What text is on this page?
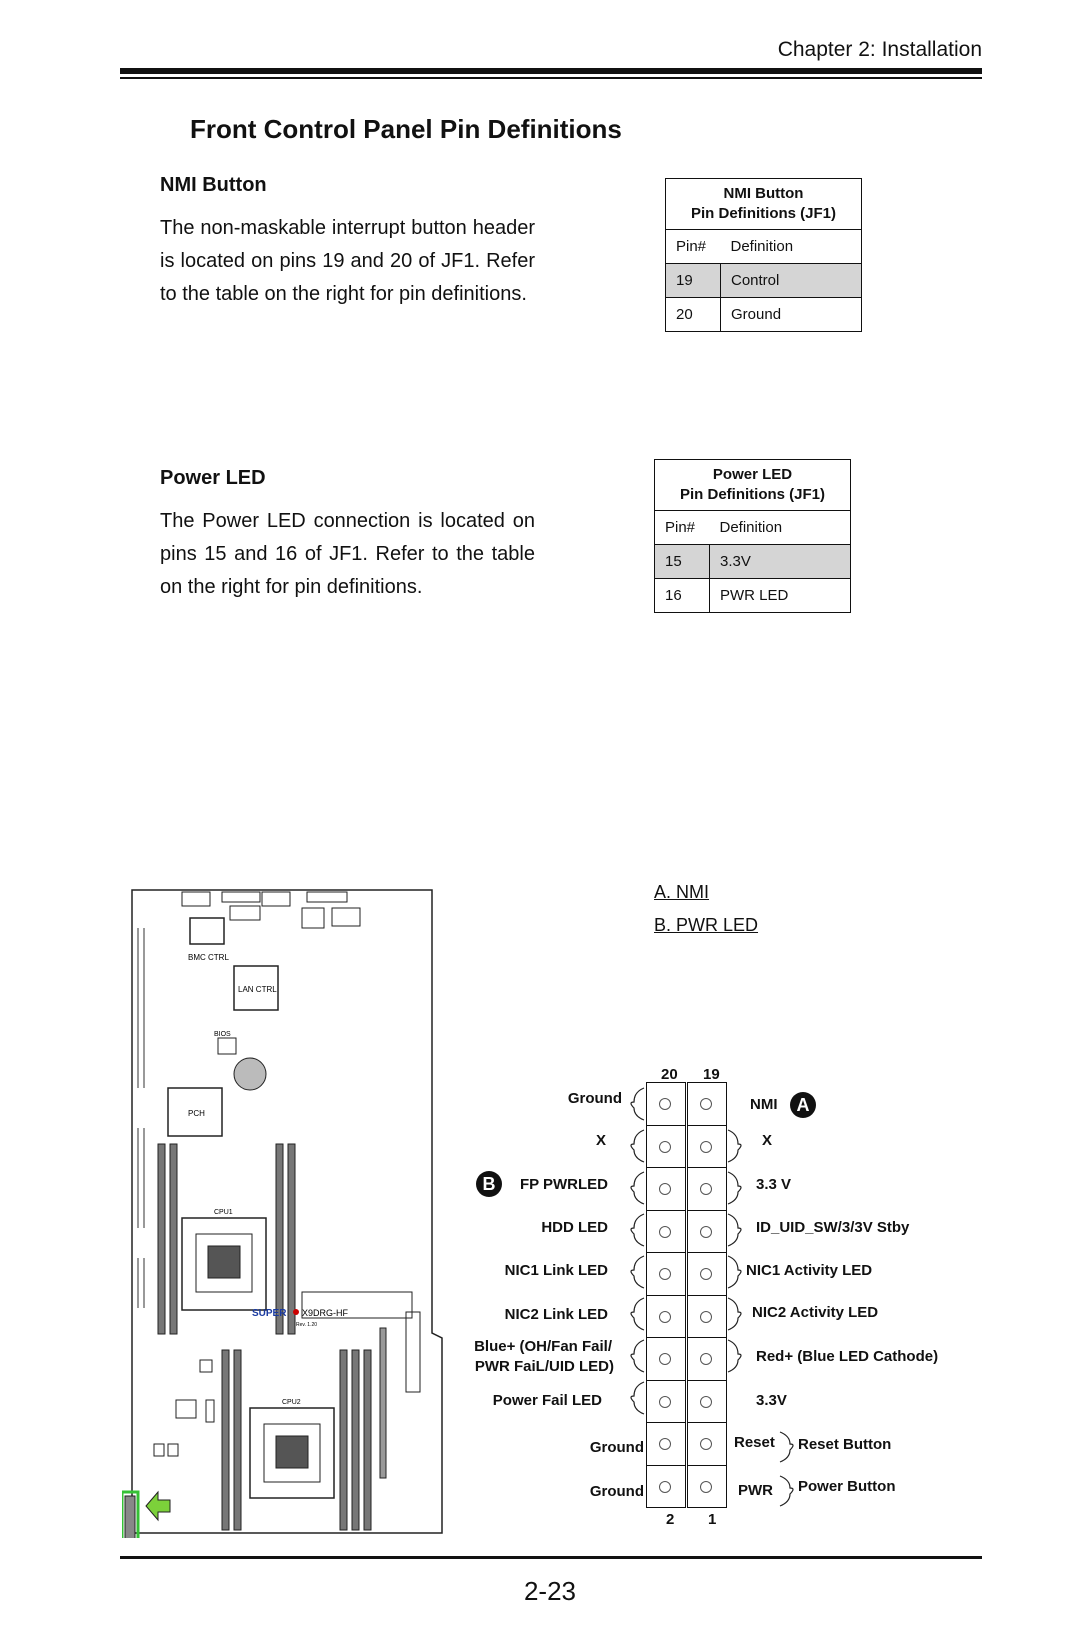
Chapter 2: Installation
Front Control Panel Pin Definitions
NMI Button
The non-maskable interrupt button header is located on pins 19 and 20 of JF1. Refer to the table on the right for pin definitions.
NMI Button
Pin Definitions (JF1)	
Pin#	Definition
19	Control
20	Ground
Power LED
The Power LED connection is located on pins 15 and 16 of JF1. Refer to the table on the right for pin definitions.
Power LED
Pin Definitions (JF1)	
Pin#	Definition
15	3.3V
16	PWR LED
BMC CTRL
LAN CTRL
BIOS
PCH
CPU1
SUPER X9DRG-HF
Rev. 1.20
CPU2
A. NMI
B. PWR LED
20 19
2 1
Ground
X
B	FP PWRLED
HDD LED
NIC1 Link LED
NIC2 Link LED
Blue+ (OH/Fan Fail/
PWR FaiL/UID LED)
Power Fail LED
Ground
Ground
NMI	A
X
3.3 V
ID_UID_SW/3/3V Stby
NIC1 Activity LED
NIC2 Activity LED
Red+ (Blue LED Cathode)
3.3V
Reset Reset Button
PWR Power Button
2-23
